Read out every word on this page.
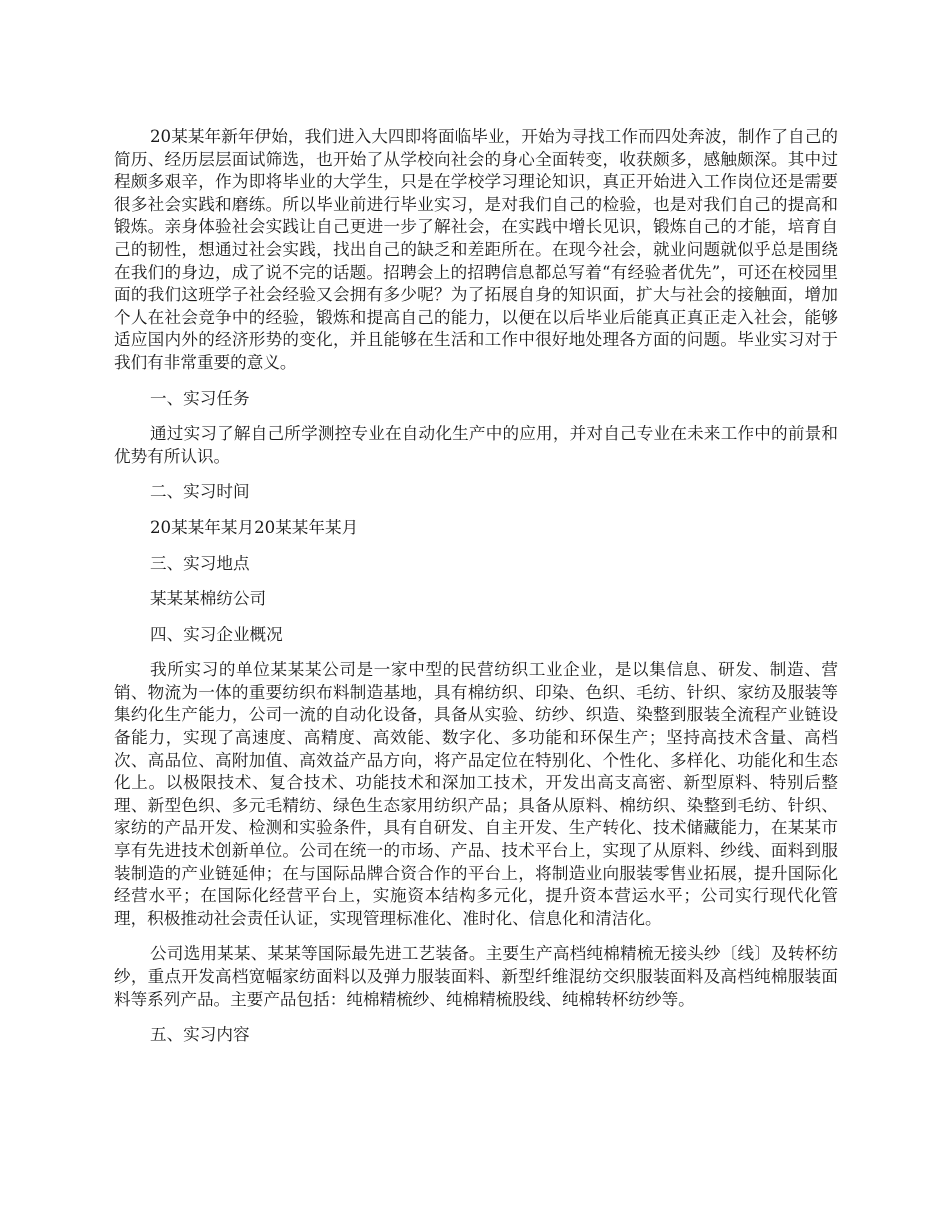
20某某年新年伊始，我们进入大四即将面临毕业，开始为寻找工作而四处奔波，制作了自己的简历、经历层层面试筛选，也开始了从学校向社会的身心全面转变，收获颇多，感触颇深。其中过程颇多艰辛，作为即将毕业的大学生，只是在学校学习理论知识，真正开始进入工作岗位还是需要很多社会实践和磨练。所以毕业前进行毕业实习，是对我们自己的检验，也是对我们自己的提高和锻炼。亲身体验社会实践让自己更进一步了解社会，在实践中增长见识，锻炼自己的才能，培育自己的韧性，想通过社会实践，找出自己的缺乏和差距所在。在现今社会，就业问题就似乎总是围绕在我们的身边，成了说不完的话题。招聘会上的招聘信息都总写着“有经验者优先”，可还在校园里面的我们这班学子社会经验又会拥有多少呢？为了拓展自身的知识面，扩大与社会的接触面，增加个人在社会竞争中的经验，锻炼和提高自己的能力，以便在以后毕业后能真正真正走入社会，能够适应国内外的经济形势的变化，并且能够在生活和工作中很好地处理各方面的问题。毕业实习对于我们有非常重要的意义。

一、实习任务

通过实习了解自己所学测控专业在自动化生产中的应用，并对自己专业在未来工作中的前景和优势有所认识。

二、实习时间

20某某年某月20某某年某月

三、实习地点

某某某棉纺公司

四、实习企业概况

我所实习的单位某某某公司是一家中型的民营纺织工业企业，是以集信息、研发、制造、营销、物流为一体的重要纺织布料制造基地，具有棉纺织、印染、色织、毛纺、针织、家纺及服装等集约化生产能力，公司一流的自动化设备，具备从实验、纺纱、织造、染整到服装全流程产业链设备能力，实现了高速度、高精度、高效能、数字化、多功能和环保生产；坚持高技术含量、高档次、高品位、高附加值、高效益产品方向，将产品定位在特别化、个性化、多样化、功能化和生态化上。以极限技术、复合技术、功能技术和深加工技术，开发出高支高密、新型原料、特别后整理、新型色织、多元毛精纺、绿色生态家用纺织产品；具备从原料、棉纺织、染整到毛纺、针织、家纺的产品开发、检测和实验条件，具有自研发、自主开发、生产转化、技术储藏能力，在某某市享有先进技术创新单位。公司在统一的市场、产品、技术平台上，实现了从原料、纱线、面料到服装制造的产业链延伸；在与国际品牌合资合作的平台上，将制造业向服装零售业拓展，提升国际化经营水平；在国际化经营平台上，实施资本结构多元化，提升资本营运水平；公司实行现代化管理，积极推动社会责任认证，实现管理标准化、准时化、信息化和清洁化。

公司选用某某、某某等国际最先进工艺装备。主要生产高档纯棉精梳无接头纱〔线〕及转杯纺纱，重点开发高档宽幅家纺面料以及弹力服装面料、新型纤维混纺交织服装面料及高档纯棉服装面料等系列产品。主要产品包括：纯棉精梳纱、纯棉精梳股线、纯棉转杯纺纱等。

五、实习内容
